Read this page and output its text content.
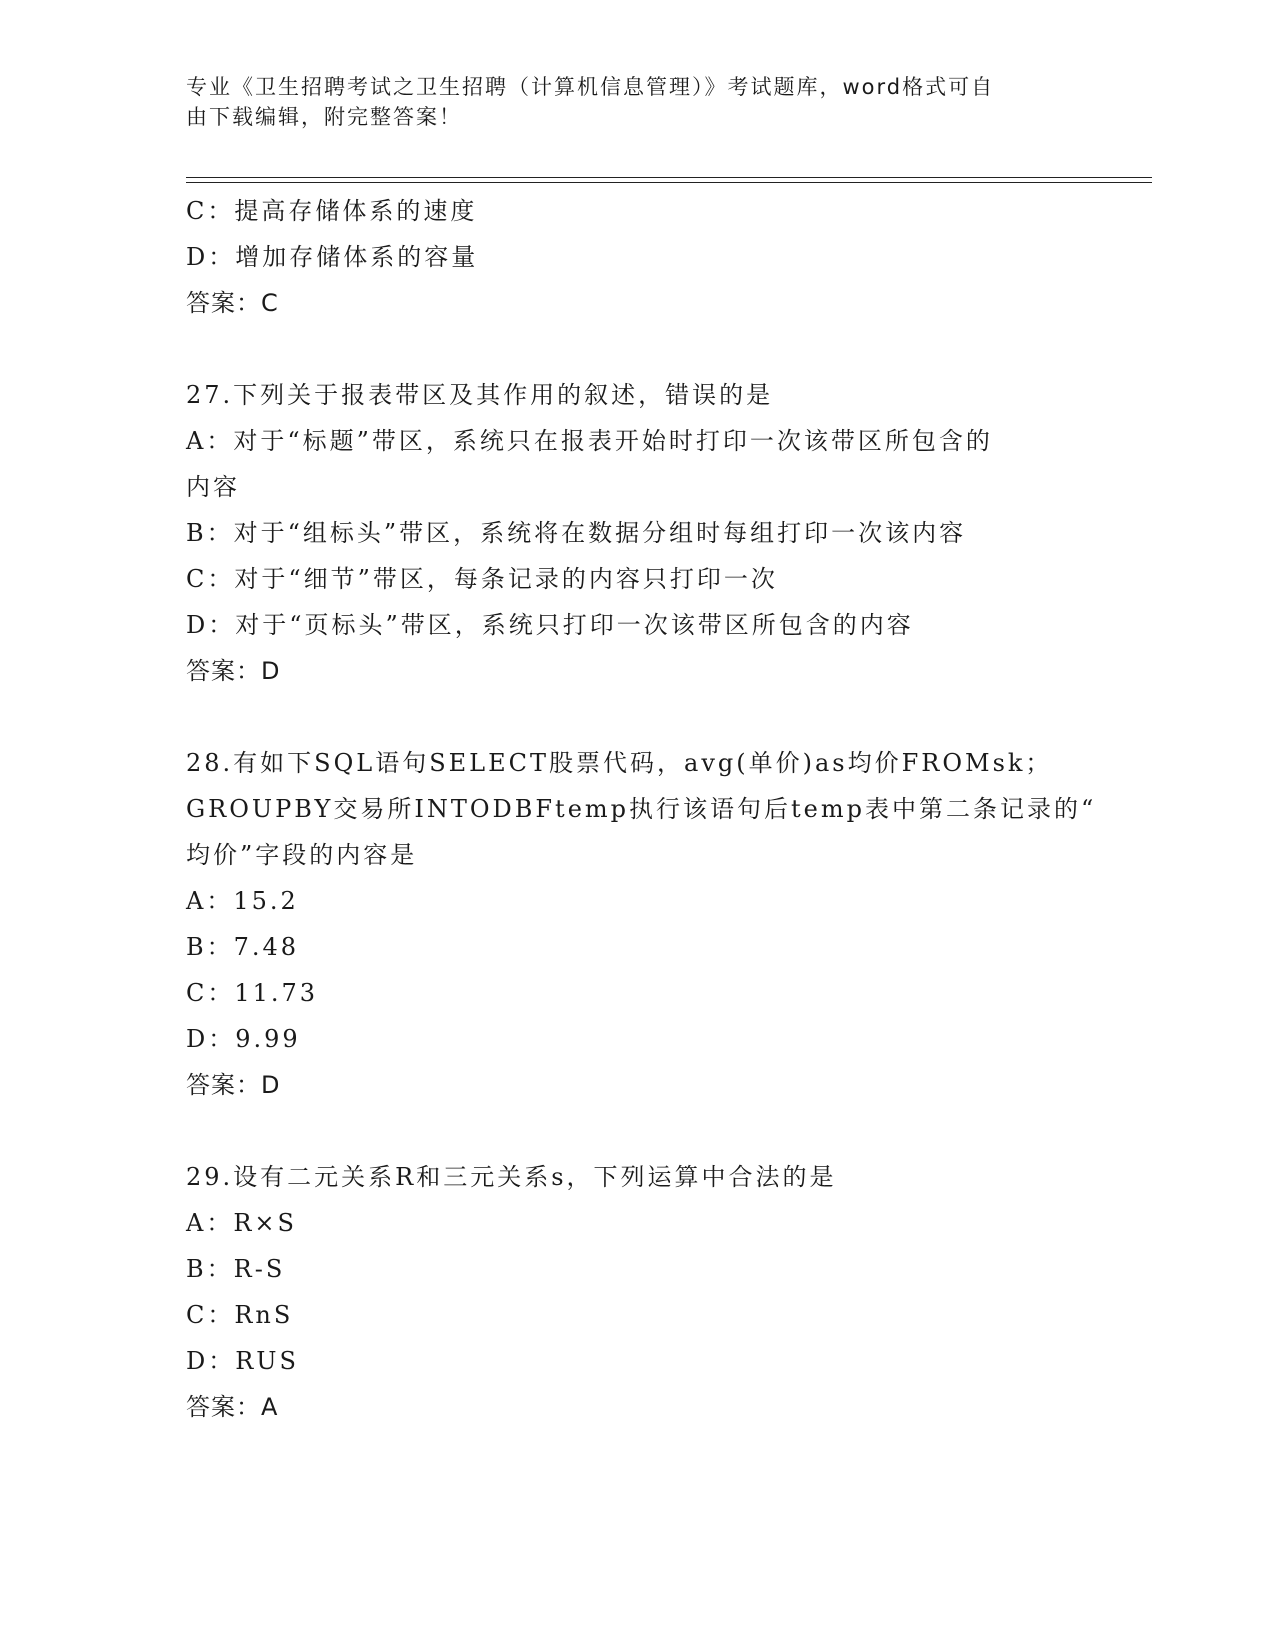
专业《卫生招聘考试之卫生招聘（计算机信息管理）》考试题库，word格式可自
由下载编辑，附完整答案！
C：提高存储体系的速度
D：增加存储体系的容量
答案：C
27.下列关于报表带区及其作用的叙述，错误的是
A：对于“标题”带区，系统只在报表开始时打印一次该带区所包含的
内容
B：对于“组标头”带区，系统将在数据分组时每组打印一次该内容
C：对于“细节”带区，每条记录的内容只打印一次
D：对于“页标头”带区，系统只打印一次该带区所包含的内容
答案：D
28.有如下SQL语句SELECT股票代码，avg(单价)as均价FROMsk；
GROUPBY交易所INTODBFtemp执行该语句后temp表中第二条记录的“
均价”字段的内容是
A：15.2
B：7.48
C：11.73
D：9.99
答案：D
29.设有二元关系R和三元关系s，下列运算中合法的是
A：R×S
B：R-S
C：RnS
D：RUS
答案：A
